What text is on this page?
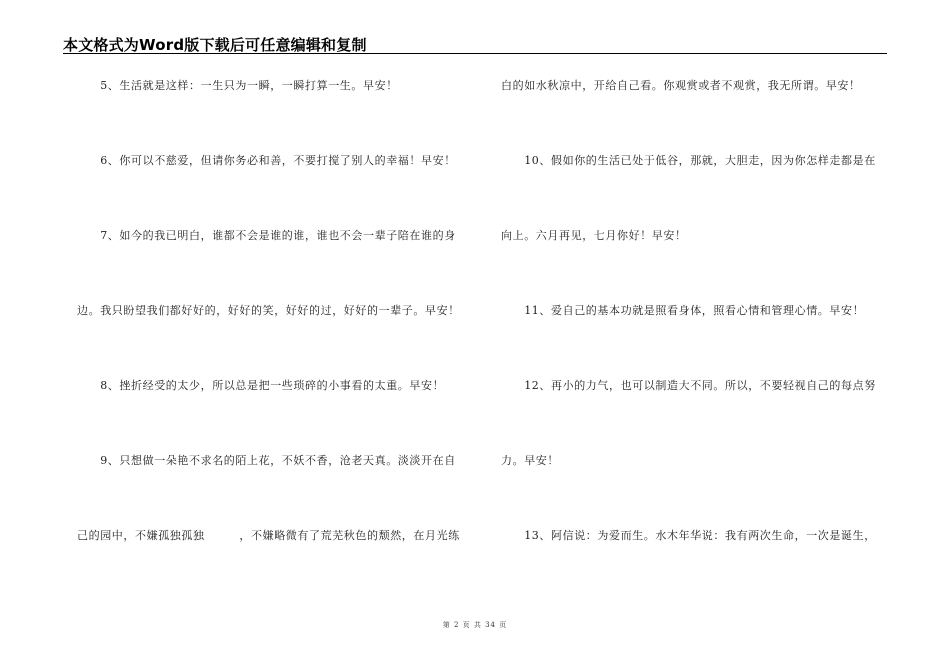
本文格式为Word版下载后可任意编辑和复制
　　5、生活就是这样：一生只为一瞬，一瞬打算一生。早安！
　　6、你可以不慈爱，但请你务必和善，不要打搅了别人的幸福！早安！
　　7、如今的我已明白，谁都不会是谁的谁，谁也不会一辈子陪在谁的身
边。我只盼望我们都好好的，好好的笑，好好的过，好好的一辈子。早安！
　　8、挫折经受的太少，所以总是把一些琐碎的小事看的太重。早安！
　　9、只想做一朵艳不求名的陌上花，不妖不香，沧老天真。淡淡开在自
己的园中，不嫌孤独孤独　　　，不嫌略微有了荒芜秋色的颓然，在月光练
白的如水秋凉中，开给自己看。你观赏或者不观赏，我无所谓。早安！
　　10、假如你的生活已处于低谷，那就，大胆走，因为你怎样走都是在
向上。六月再见，七月你好！早安！
　　11、爱自己的基本功就是照看身体，照看心情和管理心情。早安！
　　12、再小的力气，也可以制造大不同。所以，不要轻视自己的每点努
力。早安！
　　13、阿信说：为爱而生。水木年华说：我有两次生命，一次是诞生，
第 2 页 共 34 页
